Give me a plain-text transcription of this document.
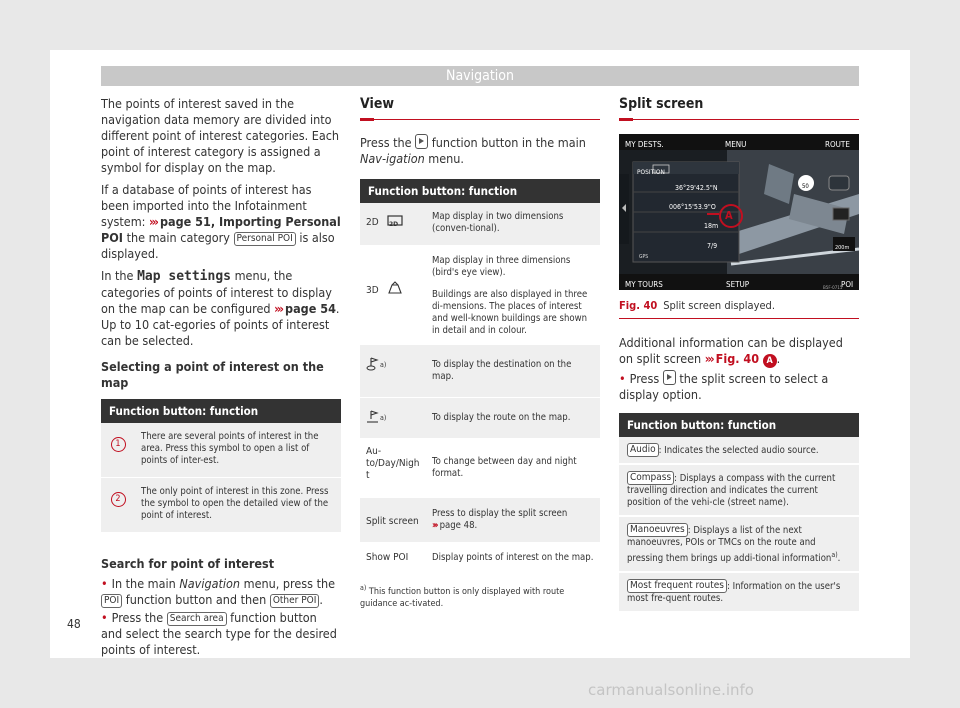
Navigation

The points of interest saved in the navigation data memory are divided into different point of interest categories. Each point of interest category is assigned a symbol for display on the map.

If a database of points of interest has been imported into the Infotainment system: ››› page 51, Importing Personal POI the main category Personal POI is also displayed.

In the Map settings menu, the categories of points of interest to display on the map can be configured ››› page 54. Up to 10 cat-egories of points of interest can be selected.

Selecting a point of interest on the map
Function button: function	
1	There are several points of interest in the area. Press this symbol to open a list of points of inter-est.
2	The only point of interest in this zone. Press the symbol to open the detailed view of the point of interest.
Search for point of interest

• In the main Navigation menu, press the POI function button and then Other POI .

• Press the Search area function button and select the search type for the desired points of interest.

View

Press the function button in the main Nav-igation menu.

Function button: function	
2D 2D	Map display in two dimensions (conven-tional).
3D	Map display in three dimensions (bird's eye view).
Buildings are also displayed in three di-mensions. The places of interest and well-known buildings are shown in detail and in colour.

$^{a)}$	To display the destination on the map.
$^{a)}$	To display the route on the map.
Au-to/Day/Nigh t	To change between day and night format.
Split screen	Press to display the split screen
››› page 48.
Show POI	Display points of interest on the map.
$^{a)}$ This function button is only displayed with route guidance ac-tivated.
Split screen
MY DESTS.	MENU	ROUTE
MY TOURS	SETUP	POI
POSITION
36°29'42.5"N
006°15'53.9"O
18m
7/9
GPS
A
50
200m
B5F-0715
Fig. 40 Split screen displayed.

Additional information can be displayed on split screen ››› Fig. 40 A .

• Press the split screen to select a display option.

Function button: function
Audio : Indicates the selected audio source.
Compass : Displays a compass with the current travelling direction and indicates the current position of the vehi-cle (street name).
Manoeuvres : Displays a list of the next manoeuvres, POIs or TMCs on the route and pressing them brings up addi-tional information$^{a)}$.
Most frequent routes : Information on the user's most fre-quent routes.
48
carmanualsonline.info
